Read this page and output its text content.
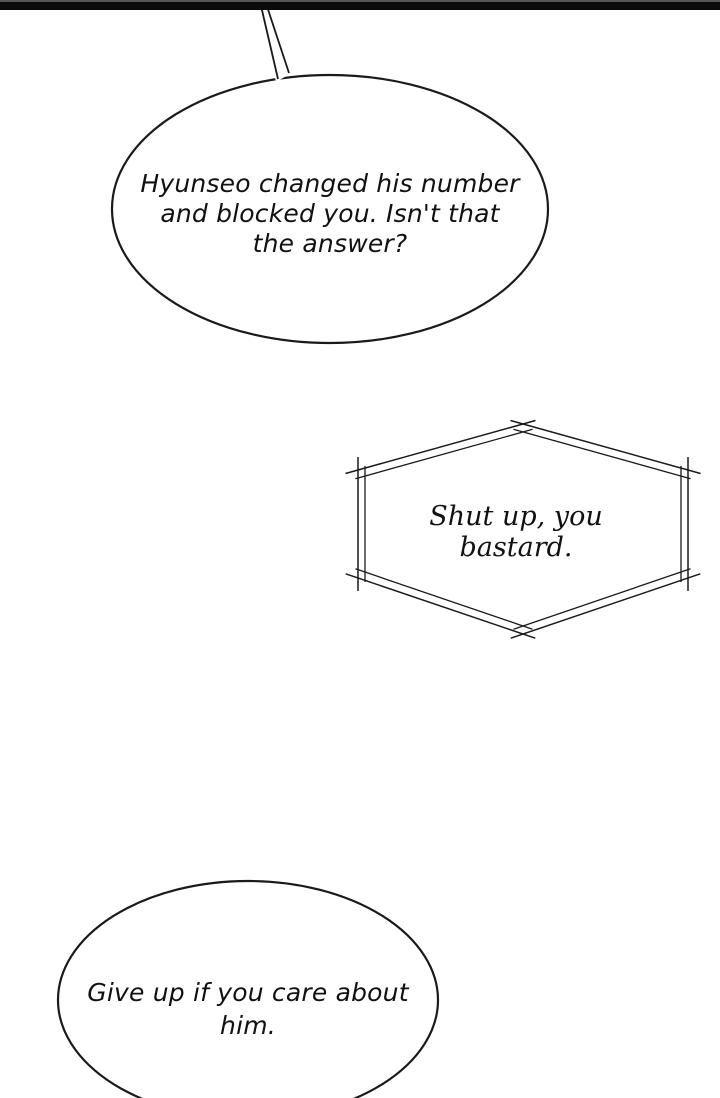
Hyunseo changed his number
and blocked you. Isn't that
the answer?
Shut up, you
bastard.
Give up if you care about
him.
